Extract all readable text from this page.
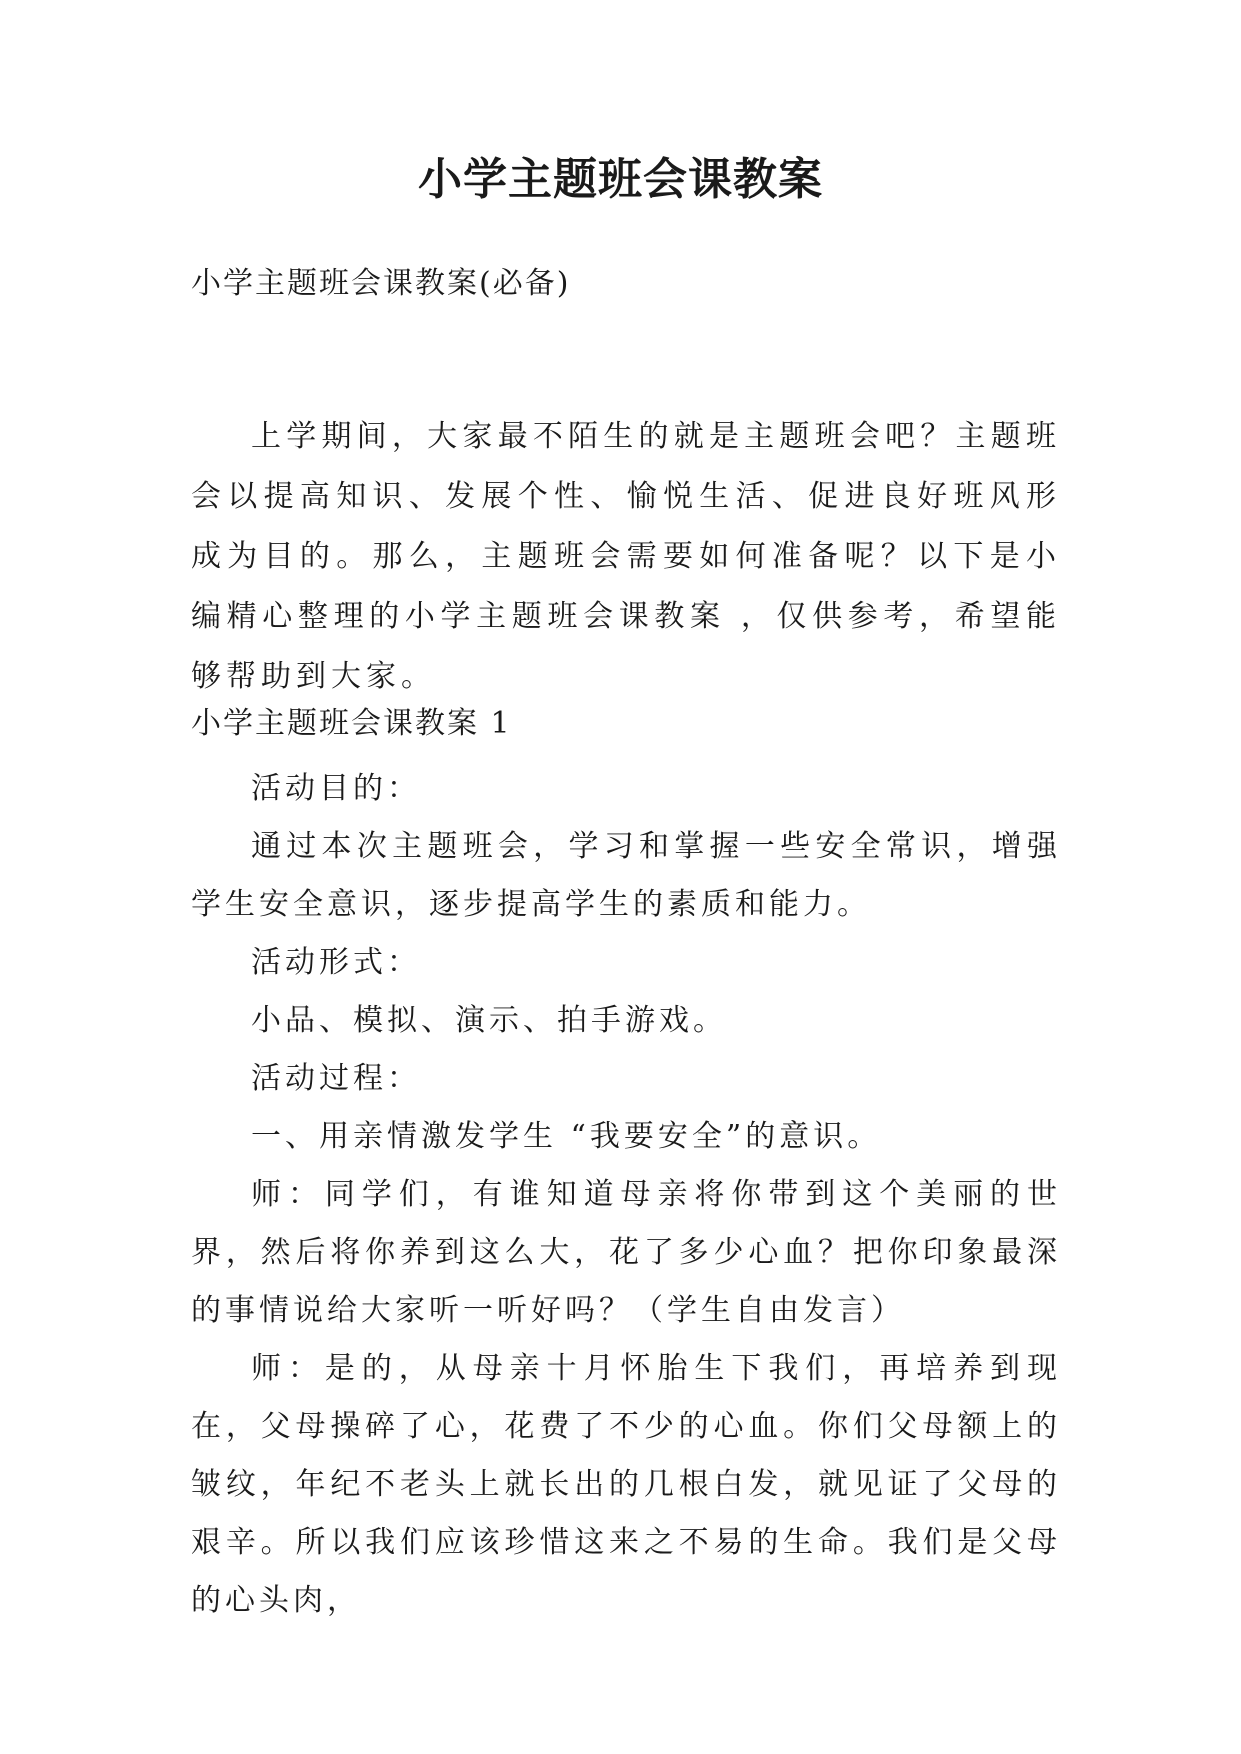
小学主题班会课教案
小学主题班会课教案(必备)

上学期间，大家最不陌生的就是主题班会吧？主题班会以提高知识、发展个性、愉悦生活、促进良好班风形成为目的。那么，主题班会需要如何准备呢？以下是小编精心整理的小学主题班会课教案 ，仅供参考，希望能够帮助到大家。

小学主题班会课教案 1

活动目的：

通过本次主题班会，学习和掌握一些安全常识，增强学生安全意识，逐步提高学生的素质和能力。

活动形式：

小品、模拟、演示、拍手游戏。

活动过程：

一、用亲情激发学生 “我要安全”的意识。

师：同学们，有谁知道母亲将你带到这个美丽的世界，然后将你养到这么大，花了多少心血？把你印象最深的事情说给大家听一听好吗？（学生自由发言）

师：是的，从母亲十月怀胎生下我们，再培养到现在，父母操碎了心，花费了不少的心血。你们父母额上的皱纹，年纪不老头上就长出的几根白发，就见证了父母的艰辛。所以我们应该珍惜这来之不易的生命。我们是父母的心头肉，
